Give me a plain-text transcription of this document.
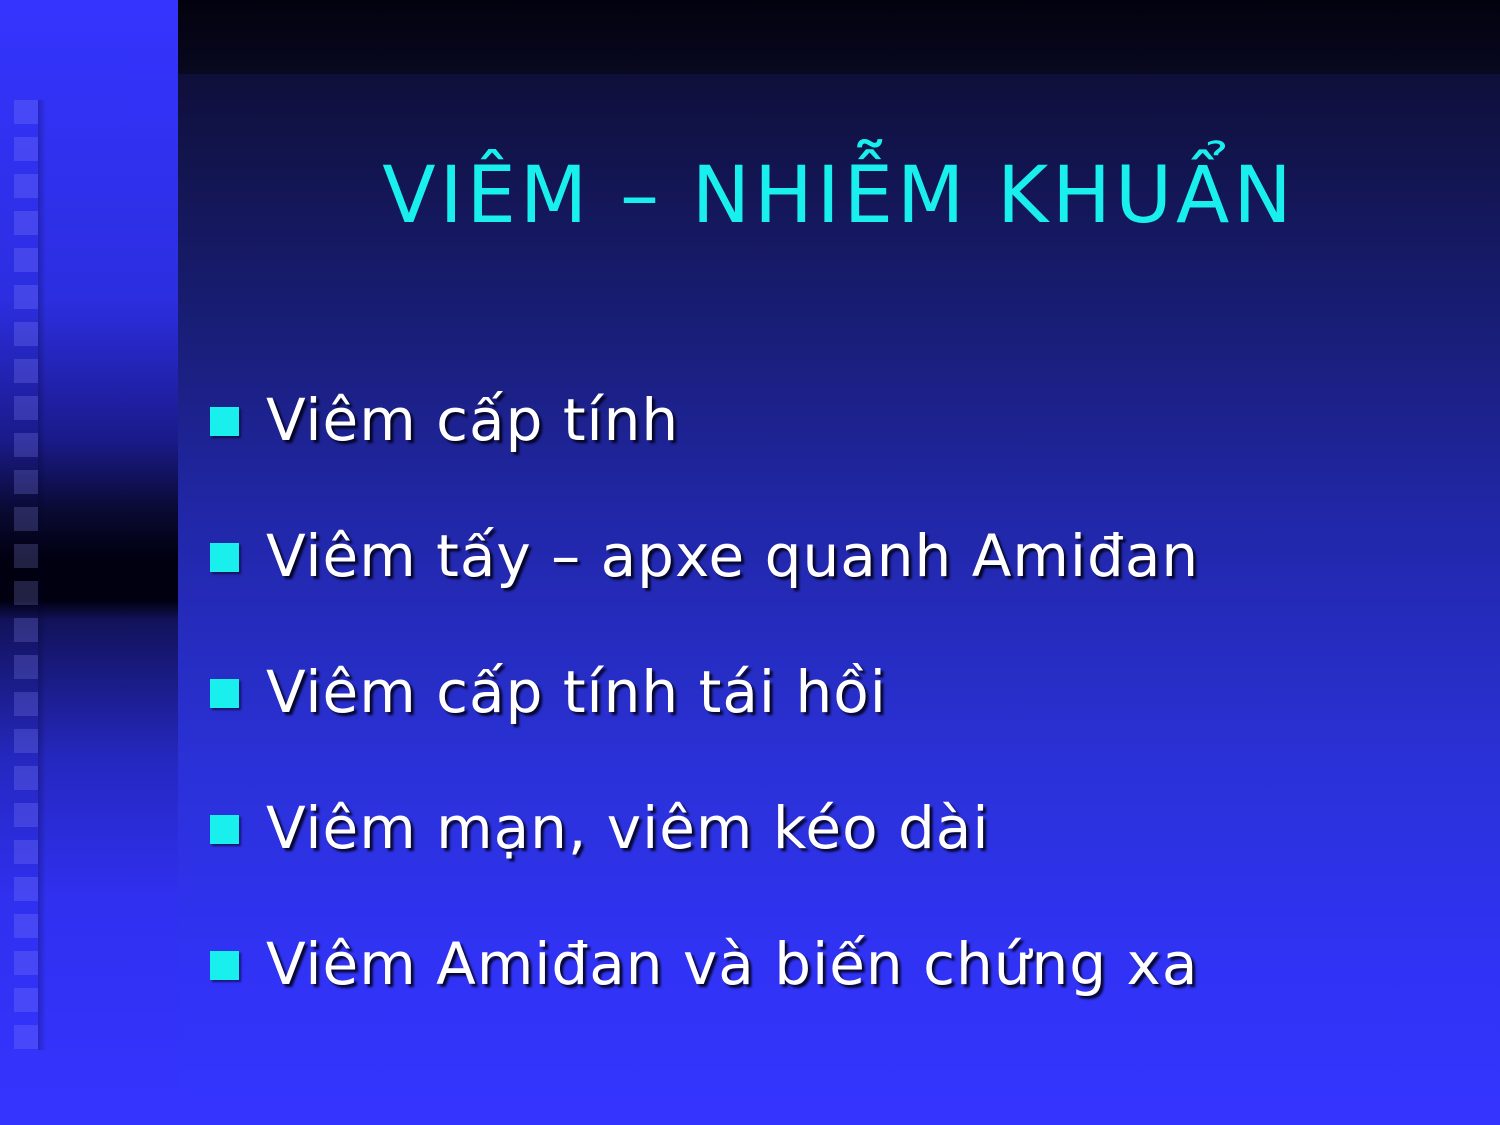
VIÊM – NHIỄM KHUẨN
Viêm cấp tính
Viêm tấy – apxe quanh Amiđan
Viêm cấp tính tái hồi
Viêm mạn, viêm kéo dài
Viêm Amiđan và biến chứng xa
